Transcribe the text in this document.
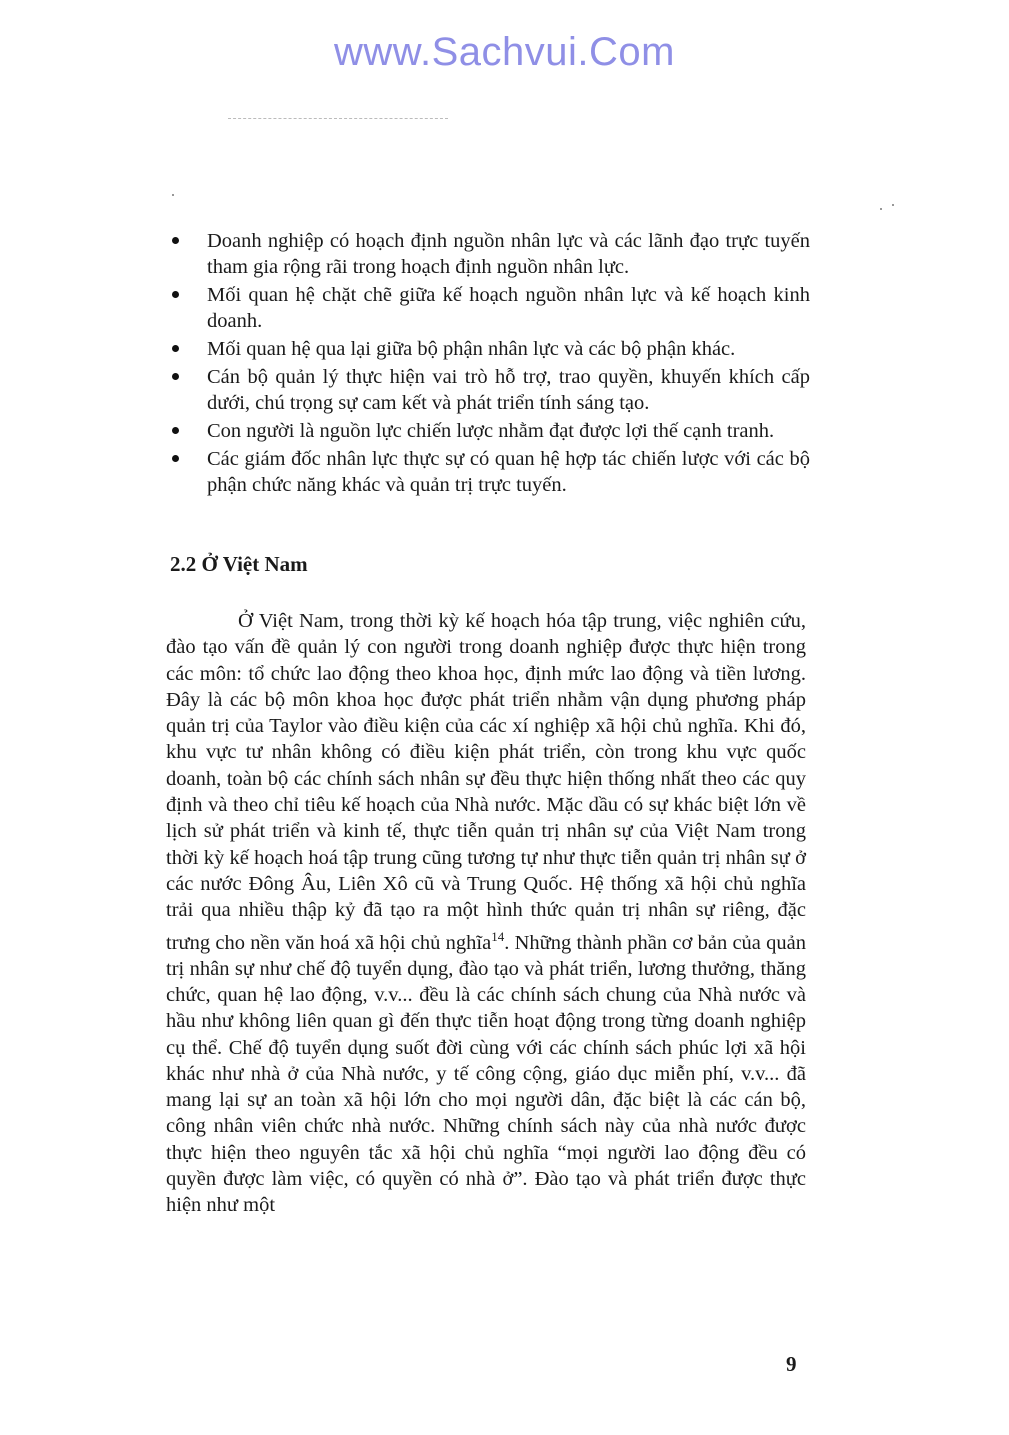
www.Sachvui.Com
Doanh nghiệp có hoạch định nguồn nhân lực và các lãnh đạo trực tuyến tham gia rộng rãi trong hoạch định nguồn nhân lực.
Mối quan hệ chặt chẽ giữa kế hoạch nguồn nhân lực và kế hoạch kinh doanh.
Mối quan hệ qua lại giữa bộ phận nhân lực và các bộ phận khác.
Cán bộ quản lý thực hiện vai trò hỗ trợ, trao quyền, khuyến khích cấp dưới, chú trọng sự cam kết và phát triển tính sáng tạo.
Con người là nguồn lực chiến lược nhằm đạt được lợi thế cạnh tranh.
Các giám đốc nhân lực thực sự có quan hệ hợp tác chiến lược với các bộ phận chức năng khác và quản trị trực tuyến.
2.2 Ở Việt Nam

Ở Việt Nam, trong thời kỳ kế hoạch hóa tập trung, việc nghiên cứu, đào tạo vấn đề quản lý con người trong doanh nghiệp được thực hiện trong các môn: tổ chức lao động theo khoa học, định mức lao động và tiền lương. Đây là các bộ môn khoa học được phát triển nhằm vận dụng phương pháp quản trị của Taylor vào điều kiện của các xí nghiệp xã hội chủ nghĩa. Khi đó, khu vực tư nhân không có điều kiện phát triển, còn trong khu vực quốc doanh, toàn bộ các chính sách nhân sự đều thực hiện thống nhất theo các quy định và theo chỉ tiêu kế hoạch của Nhà nước. Mặc dầu có sự khác biệt lớn về lịch sử phát triển và kinh tế, thực tiễn quản trị nhân sự của Việt Nam trong thời kỳ kế hoạch hoá tập trung cũng tương tự như thực tiễn quản trị nhân sự ở các nước Đông Âu, Liên Xô cũ và Trung Quốc. Hệ thống xã hội chủ nghĩa trải qua nhiều thập kỷ đã tạo ra một hình thức quản trị nhân sự riêng, đặc trưng cho nền văn hoá xã hội chủ nghĩa$^{14}$. Những thành phần cơ bản của quản trị nhân sự như chế độ tuyển dụng, đào tạo và phát triển, lương thưởng, thăng chức, quan hệ lao động, v.v... đều là các chính sách chung của Nhà nước và hầu như không liên quan gì đến thực tiễn hoạt động trong từng doanh nghiệp cụ thể. Chế độ tuyển dụng suốt đời cùng với các chính sách phúc lợi xã hội khác như nhà ở của Nhà nước, y tế công cộng, giáo dục miễn phí, v.v... đã mang lại sự an toàn xã hội lớn cho mọi người dân, đặc biệt là các cán bộ, công nhân viên chức nhà nước. Những chính sách này của nhà nước được thực hiện theo nguyên tắc xã hội chủ nghĩa “mọi người lao động đều có quyền được làm việc, có quyền có nhà ở”. Đào tạo và phát triển được thực hiện như một

9
